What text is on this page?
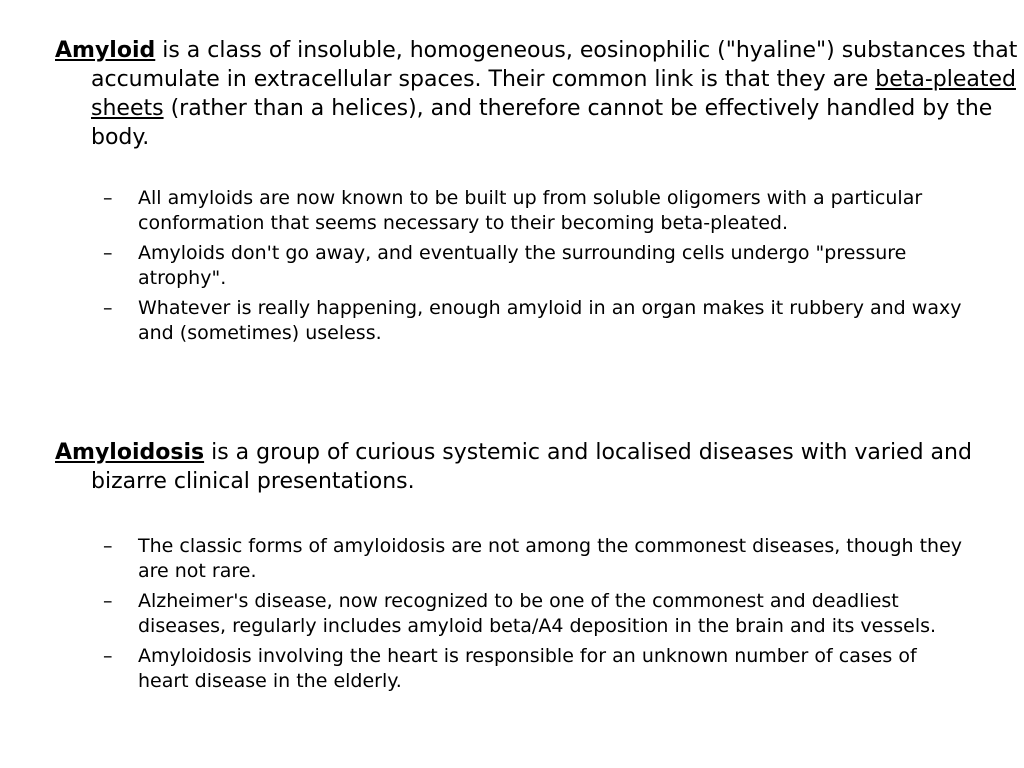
Amyloid is a class of insoluble, homogeneous, eosinophilic ("hyaline") substances that accumulate in extracellular spaces. Their common link is that they are beta-pleated sheets (rather than a helices), and therefore cannot be effectively handled by the body.

– All amyloids are now known to be built up from soluble oligomers with a particular conformation that seems necessary to their becoming beta-pleated.
– Amyloids don't go away, and eventually the surrounding cells undergo "pressure atrophy".
– Whatever is really happening, enough amyloid in an organ makes it rubbery and waxy and (sometimes) useless.

Amyloidosis is a group of curious systemic and localised diseases with varied and bizarre clinical presentations.

– The classic forms of amyloidosis are not among the commonest diseases, though they are not rare.
– Alzheimer's disease, now recognized to be one of the commonest and deadliest diseases, regularly includes amyloid beta/A4 deposition in the brain and its vessels.
– Amyloidosis involving the heart is responsible for an unknown number of cases of heart disease in the elderly.
